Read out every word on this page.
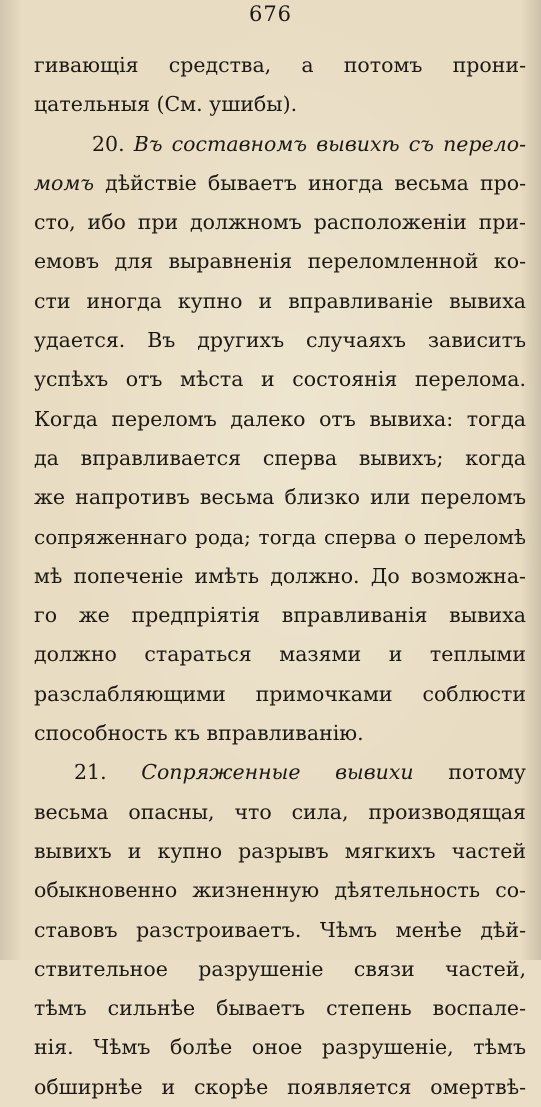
676
гивающія средства, а потомъ прони-
цательныя (См. ушибы).
20. Въ составномъ вывихѣ съ перело-
момъ дѣйствіе бываетъ иногда весьма про-
сто, ибо при должномъ расположеніи при-
емовъ для выравненія переломленной ко-
сти иногда купно и вправливаніе вывиха
удается. Въ другихъ случаяхъ зависитъ
успѣхъ отъ мѣста и состоянія перелома.
Когда переломъ далеко отъ вывиха: тогда
да вправливается сперва вывихъ; когда
же напротивъ весьма близко или переломъ
сопряженнаго рода; тогда сперва о переломѣ
мѣ попеченіе имѣть должно. До возможна-
го же предпріятія вправливанія вывиха
должно стараться мазями и теплыми
разслабляющими примочками соблюсти
способность къ вправливанію.
21. Сопряженные вывихи потому
весьма опасны, что сила, производящая
вывихъ и купно разрывъ мягкихъ частей
обыкновенно жизненную дѣятельность со-
ставовъ разстроиваетъ. Чѣмъ менѣе дѣй-
ствительное разрушеніе связи частей,
тѣмъ сильнѣе бываетъ степень воспале-
нія. Чѣмъ болѣе оное разрушеніе, тѣмъ
обширнѣе и скорѣе появляется омертвѣ-
